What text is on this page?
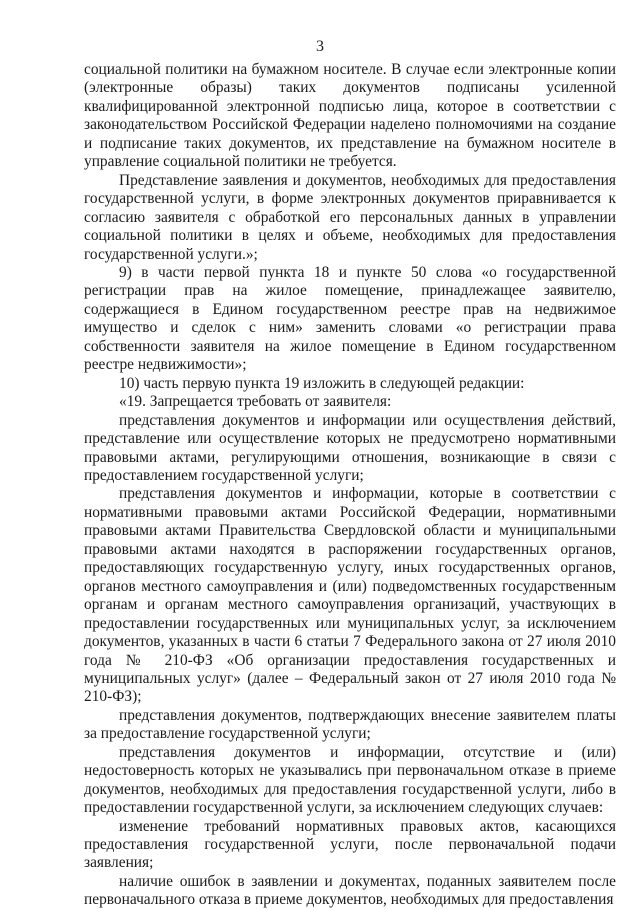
3

социальной политики на бумажном носителе. В случае если электронные копии (электронные образы) таких документов подписаны усиленной квалифицированной электронной подписью лица, которое в соответствии с законодательством Российской Федерации наделено полномочиями на создание и подписание таких документов, их представление на бумажном носителе в управление социальной политики не требуется.

Представление заявления и документов, необходимых для предоставления государственной услуги, в форме электронных документов приравнивается к согласию заявителя с обработкой его персональных данных в управлении социальной политики в целях и объеме, необходимых для предоставления государственной услуги.»;

9) в части первой пункта 18 и пункте 50 слова «о государственной регистрации прав на жилое помещение, принадлежащее заявителю, содержащиеся в Едином государственном реестре прав на недвижимое имущество и сделок с ним» заменить словами «о регистрации права собственности заявителя на жилое помещение в Едином государственном реестре недвижимости»;

10) часть первую пункта 19 изложить в следующей редакции:

«19. Запрещается требовать от заявителя:

представления документов и информации или осуществления действий, представление или осуществление которых не предусмотрено нормативными правовыми актами, регулирующими отношения, возникающие в связи с предоставлением государственной услуги;

представления документов и информации, которые в соответствии с нормативными правовыми актами Российской Федерации, нормативными правовыми актами Правительства Свердловской области и муниципальными правовыми актами находятся в распоряжении государственных органов, предоставляющих государственную услугу, иных государственных органов, органов местного самоуправления и (или) подведомственных государственным органам и органам местного самоуправления организаций, участвующих в предоставлении государственных или муниципальных услуг, за исключением документов, указанных в части 6 статьи 7 Федерального закона от 27 июля 2010 года № 210-ФЗ «Об организации предоставления государственных и муниципальных услуг» (далее – Федеральный закон от 27 июля 2010 года № 210-ФЗ);

представления документов, подтверждающих внесение заявителем платы за предоставление государственной услуги;

представления документов и информации, отсутствие и (или) недостоверность которых не указывались при первоначальном отказе в приеме документов, необходимых для предоставления государственной услуги, либо в предоставлении государственной услуги, за исключением следующих случаев:

изменение требований нормативных правовых актов, касающихся предоставления государственной услуги, после первоначальной подачи заявления;

наличие ошибок в заявлении и документах, поданных заявителем после первоначального отказа в приеме документов, необходимых для предоставления
